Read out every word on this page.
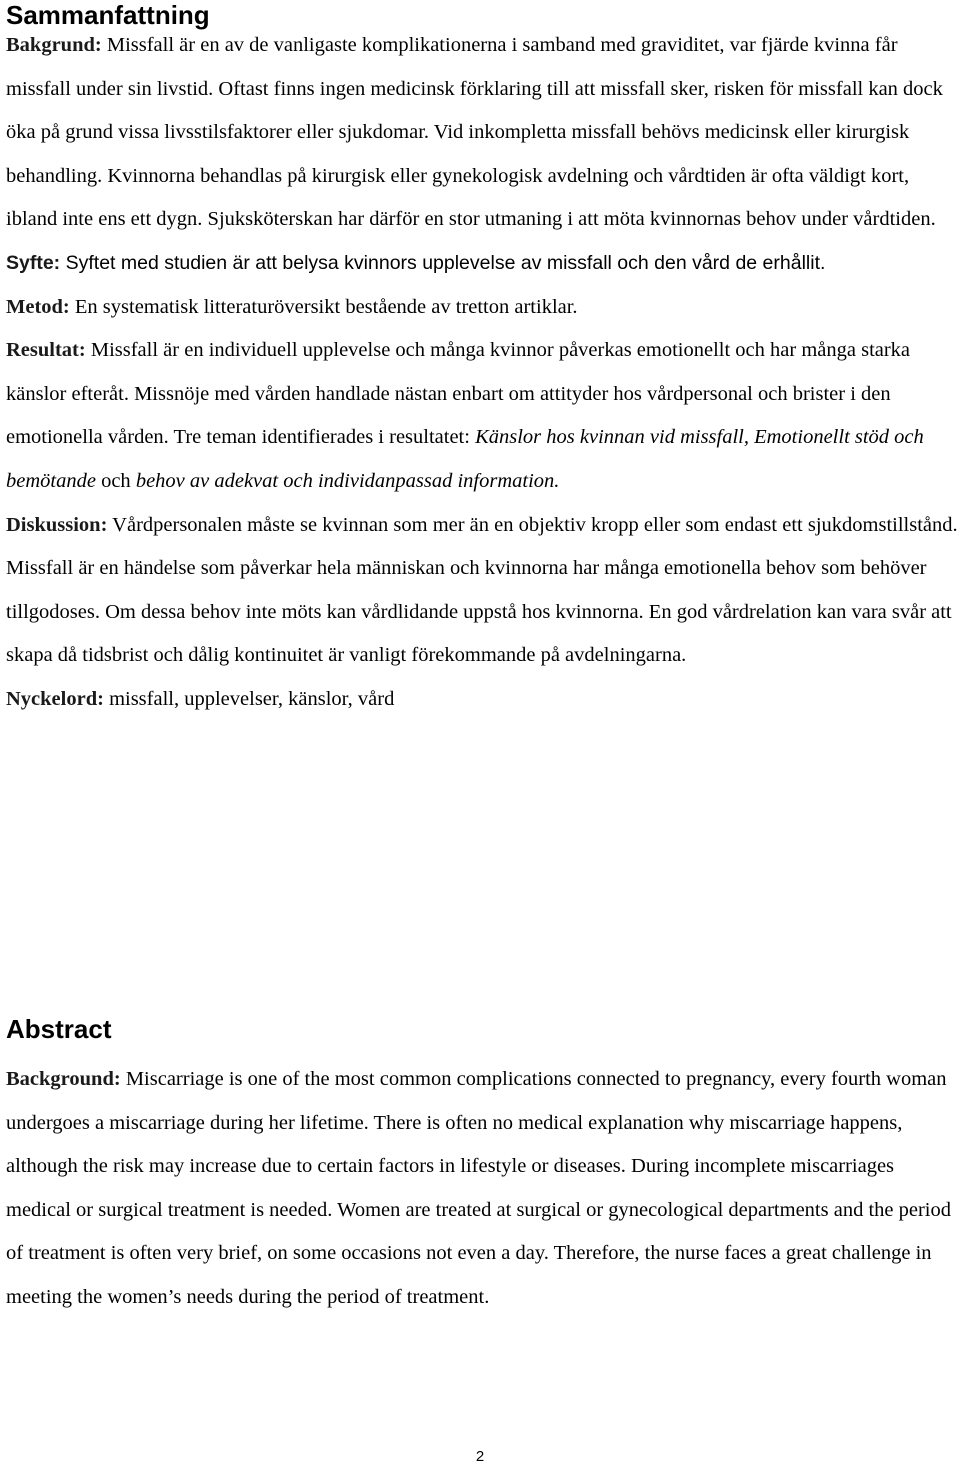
Sammanfattning
Bakgrund: Missfall är en av de vanligaste komplikationerna i samband med graviditet, var fjärde kvinna får missfall under sin livstid. Oftast finns ingen medicinsk förklaring till att missfall sker, risken för missfall kan dock öka på grund vissa livsstilsfaktorer eller sjukdomar. Vid inkompletta missfall behövs medicinsk eller kirurgisk behandling. Kvinnorna behandlas på kirurgisk eller gynekologisk avdelning och vårdtiden är ofta väldigt kort, ibland inte ens ett dygn. Sjuksköterskan har därför en stor utmaning i att möta kvinnornas behov under vårdtiden.
Syfte: Syftet med studien är att belysa kvinnors upplevelse av missfall och den vård de erhållit.
Metod: En systematisk litteraturöversikt bestående av tretton artiklar.
Resultat: Missfall är en individuell upplevelse och många kvinnor påverkas emotionellt och har många starka känslor efteråt. Missnöje med vården handlade nästan enbart om attityder hos vårdpersonal och brister i den emotionella vården. Tre teman identifierades i resultatet: Känslor hos kvinnan vid missfall, Emotionellt stöd och bemötande och behov av adekvat och individanpassad information.
Diskussion: Vårdpersonalen måste se kvinnan som mer än en objektiv kropp eller som endast ett sjukdomstillstånd. Missfall är en händelse som påverkar hela människan och kvinnorna har många emotionella behov som behöver tillgodoses. Om dessa behov inte möts kan vårdlidande uppstå hos kvinnorna. En god vårdrelation kan vara svår att skapa då tidsbrist och dålig kontinuitet är vanligt förekommande på avdelningarna.
Nyckelord: missfall, upplevelser, känslor, vård
Abstract
Background: Miscarriage is one of the most common complications connected to pregnancy, every fourth woman undergoes a miscarriage during her lifetime. There is often no medical explanation why miscarriage happens, although the risk may increase due to certain factors in lifestyle or diseases. During incomplete miscarriages medical or surgical treatment is needed. Women are treated at surgical or gynecological departments and the period of treatment is often very brief, on some occasions not even a day. Therefore, the nurse faces a great challenge in meeting the women’s needs during the period of treatment.
2
